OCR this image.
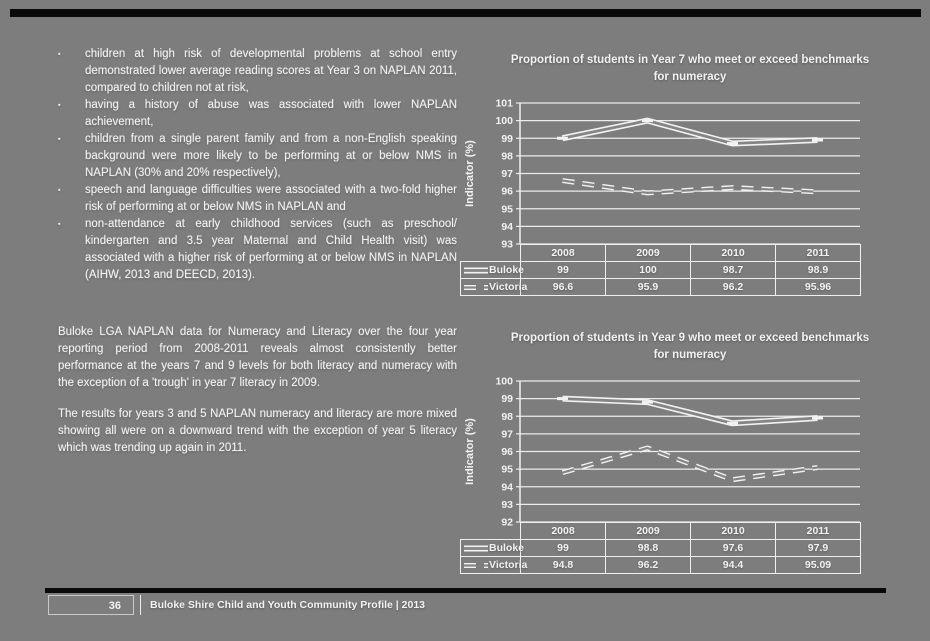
▪	children at high risk of developmental problems at school entry demonstrated lower average reading scores at Year 3 on NAPLAN 2011, compared to children not at risk,
▪	having a history of abuse was associated with lower NAPLAN achievement,
▪	children from a single parent family and from a non-English speaking background were more likely to be performing at or below NMS in NAPLAN (30% and 20% respectively),
▪	speech and language difficulties were associated with a two-fold higher risk of performing at or below NMS in NAPLAN and
▪	non-attendance at early childhood services (such as preschool/ kindergarten and 3.5 year Maternal and Child Health visit) was associated with a higher risk of performing at or below NMS in NAPLAN (AIHW, 2013 and DEECD, 2013).

Buloke LGA NAPLAN data for Numeracy and Literacy over the four year reporting period from 2008-2011 reveals almost consistently better performance at the years 7 and 9 levels for both literacy and numeracy with the exception of a 'trough' in year 7 literacy in 2009.

The results for years 3 and 5 NAPLAN numeracy and literacy are more mixed showing all were on a downward trend with the exception of year 5 literacy which was trending up again in 2011.

Proportion of students in Year 7 who meet or exceed benchmarks for numeracy
101
100
99
98
97
96
95
94
93
Indicator (%)
	2008	2009	2010	2011

Buloke	99	100	98.7	98.9

Victoria	96.6	95.9	96.2	95.96
Proportion of students in Year 9 who meet or exceed benchmarks for numeracy
100
99
98
97
96
95
94
93
92
Indicator (%)
	2008	2009	2010	2011

Buloke	99	98.8	97.6	97.9

Victoria	94.8	96.2	94.4	95.09
36	Buloke Shire Child and Youth Community Profile | 2013
